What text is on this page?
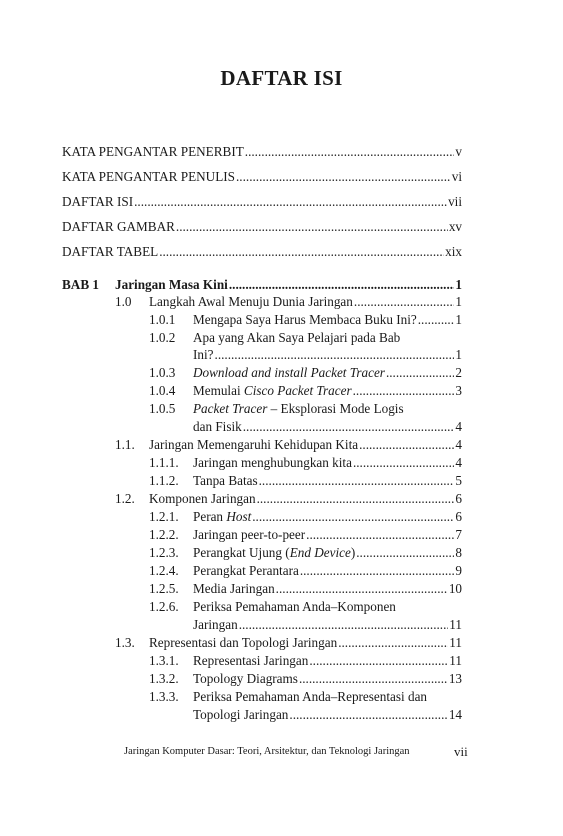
DAFTAR ISI
KATA PENGANTAR PENERBIT .....	v
KATA PENGANTAR PENULIS .....	vi
DAFTAR ISI .....	vii
DAFTAR GAMBAR .....	xv
DAFTAR TABEL .....	xix
BAB 1	Jaringan Masa Kini .....	1
1.0	Langkah Awal Menuju Dunia Jaringan .....	1
1.0.1	Mengapa Saya Harus Membaca Buku Ini? .....	1
1.0.2 Apa yang Akan Saya Pelajari pada Bab
Ini? .....	1
1.0.3	Download and install Packet Tracer .....	2
1.0.4	Memulai Cisco Packet Tracer .....	3
1.0.5 Packet Tracer – Eksplorasi Mode Logis
dan Fisik .....	4
1.1.	Jaringan Memengaruhi Kehidupan Kita .....	4
1.1.1.	Jaringan menghubungkan kita .....	4
1.1.2.	Tanpa Batas .....	5
1.2.	Komponen Jaringan .....	6
1.2.1.	Peran Host .....	6
1.2.2.	Jaringan peer-to-peer .....	7
1.2.3.	Perangkat Ujung (End Device) .....	8
1.2.4.	Perangkat Perantara .....	9
1.2.5.	Media Jaringan .....	10
1.2.6. Periksa Pemahaman Anda–Komponen
Jaringan .....	11
1.3.	Representasi dan Topologi Jaringan .....	11
1.3.1.	Representasi Jaringan .....	11
1.3.2.	Topology Diagrams .....	13
1.3.3. Periksa Pemahaman Anda–Representasi dan
Topologi Jaringan .....	14
Jaringan Komputer Dasar: Teori, Arsitektur, dan Teknologi Jaringan	vii
